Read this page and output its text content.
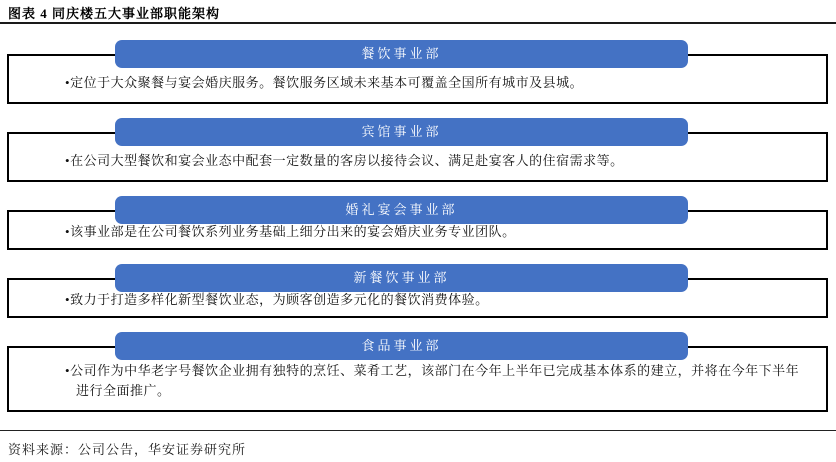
图表 4 同庆楼五大事业部职能架构
餐饮事业部

•定位于大众聚餐与宴会婚庆服务。餐饮服务区域未来基本可覆盖全国所有城市及县城。

宾馆事业部

•在公司大型餐饮和宴会业态中配套一定数量的客房以接待会议、满足赴宴客人的住宿需求等。

婚礼宴会事业部

•该事业部是在公司餐饮系列业务基础上细分出来的宴会婚庆业务专业团队。

新餐饮事业部

•致力于打造多样化新型餐饮业态，为顾客创造多元化的餐饮消费体验。

食品事业部

•公司作为中华老字号餐饮企业拥有独特的烹饪、菜肴工艺，该部门在今年上半年已完成基本体系的建立，并将在今年下半年进行全面推广。

资料来源：公司公告，华安证券研究所
